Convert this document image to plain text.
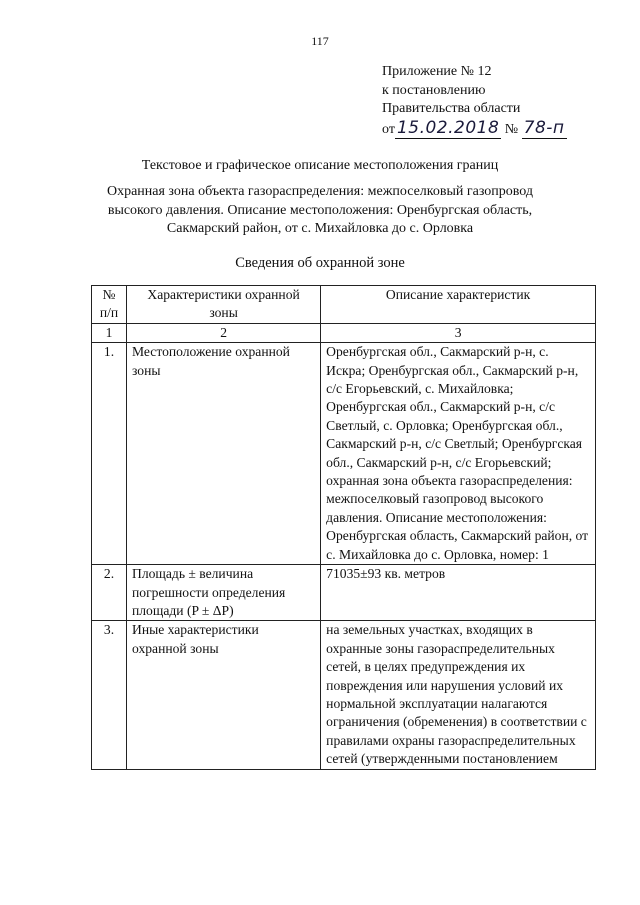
117
Приложение № 12
к постановлению
Правительства области
от 15.02.2018 № 78-п
Текстовое и графическое описание местоположения границ
Охранная зона объекта газораспределения: межпоселковый газопровод
высокого давления. Описание местоположения: Оренбургская область,
Сакмарский район, от с. Михайловка до с. Орловка
Сведения об охранной зоне
№ п/п	Характеристики охранной зоны	Описание характеристик
1	2	3
1.	Местоположение охранной зоны	Оренбургская обл., Сакмарский р-н, с. Искра; Оренбургская обл., Сакмарский р-н, с/с Егорьевский, с. Михайловка; Оренбургская обл., Сакмарский р-н, с/с Светлый, с. Орловка; Оренбургская обл., Сакмарский р-н, с/с Светлый; Оренбургская обл., Сакмарский р-н, с/с Егорьевский; охранная зона объекта газораспределения: межпоселковый газопровод высокого давления. Описание местоположения: Оренбургская область, Сакмарский район, от с. Михайловка до с. Орловка, номер: 1
2.	Площадь ± величина погрешности определения площади (P ± ΔP)	71035±93 кв. метров
3.	Иные характеристики охранной зоны	на земельных участках, входящих в охранные зоны газораспределительных сетей, в целях предупреждения их повреждения или нарушения условий их нормальной эксплуатации налагаются ограничения (обременения) в соответствии с правилами охраны газораспределительных сетей (утвержденными постановлением
